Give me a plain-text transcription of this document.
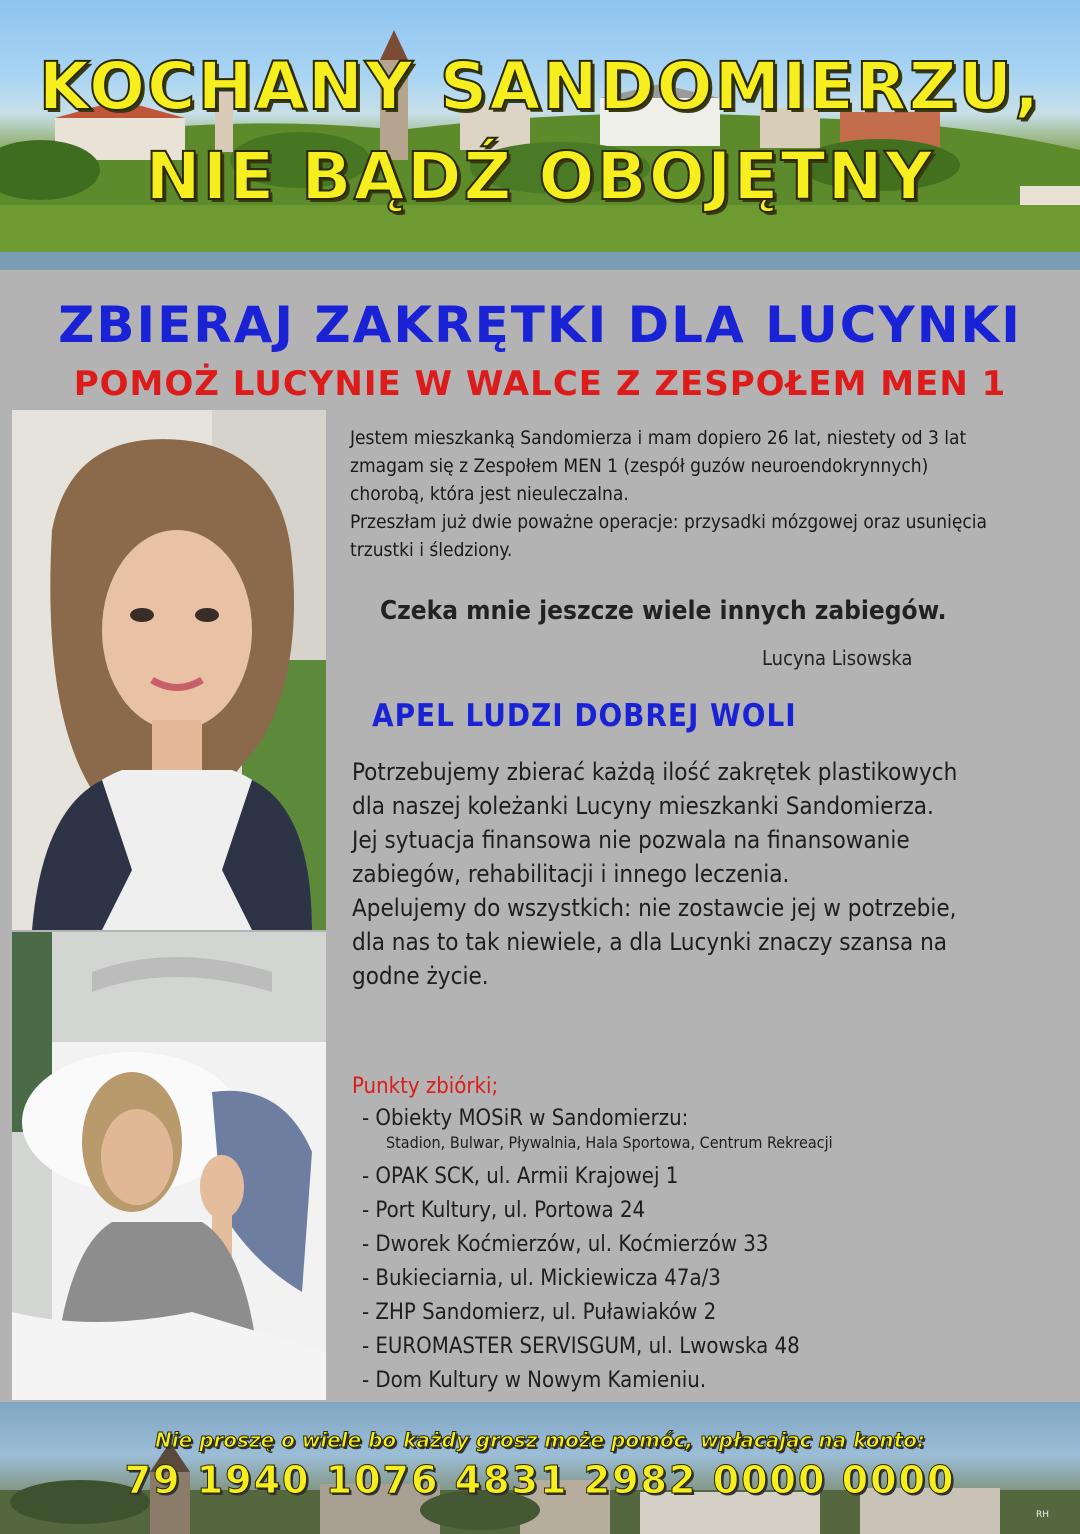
KOCHANY SANDOMIERZU,
NIE BĄDŹ OBOJĘTNY
ZBIERAJ ZAKRĘTKI DLA LUCYNKI
POMOŻ LUCYNIE W WALCE Z ZESPOŁEM MEN 1

Jestem mieszkanką Sandomierza i mam dopiero 26 lat, niestety od 3 lat

zmagam się z Zespołem MEN 1 (zespół guzów neuroendokrynnych)

chorobą, która jest nieuleczalna.

Przeszłam już dwie poważne operacje: przysadki mózgowej oraz usunięcia

trzustki i śledziony.

Czeka mnie jeszcze wiele innych zabiegów.
Lucyna Lisowska
APEL LUDZI DOBREJ WOLI

Potrzebujemy zbierać każdą ilość zakrętek plastikowych

dla naszej koleżanki Lucyny mieszkanki Sandomierza.

Jej sytuacja finansowa nie pozwala na finansowanie

zabiegów, rehabilitacji i innego leczenia.

Apelujemy do wszystkich: nie zostawcie jej w potrzebie,

dla nas to tak niewiele, a dla Lucynki znaczy szansa na

godne życie.

Punkty zbiórki;
- Obiekty MOSiR w Sandomierzu:
Stadion, Bulwar, Pływalnia, Hala Sportowa, Centrum Rekreacji
- OPAK SCK, ul. Armii Krajowej 1
- Port Kultury, ul. Portowa 24
- Dworek Koćmierzów, ul. Koćmierzów 33
- Bukieciarnia, ul. Mickiewicza 47a/3
- ZHP Sandomierz, ul. Puławiaków 2
- EUROMASTER SERVISGUM, ul. Lwowska 48
- Dom Kultury w Nowym Kamieniu.
Nie proszę o wiele bo każdy grosz może pomóc, wpłacając na konto:
79 1940 1076 4831 2982 0000 0000
RH
